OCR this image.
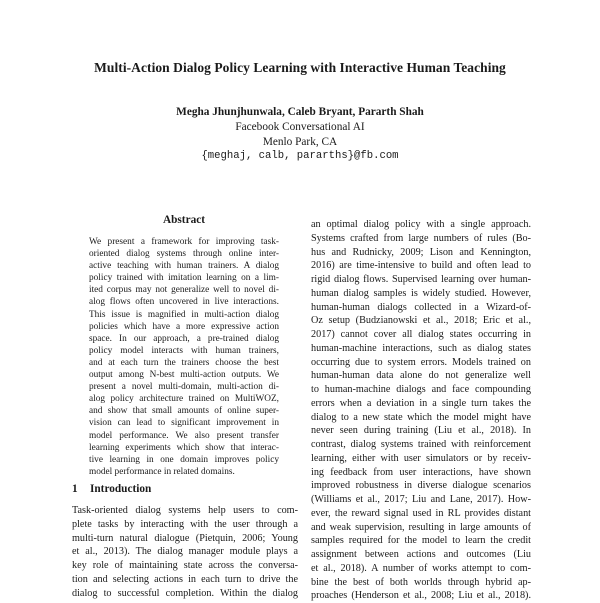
Multi-Action Dialog Policy Learning with Interactive Human Teaching
Megha Jhunjhunwala, Caleb Bryant, Pararth Shah
Facebook Conversational AI
Menlo Park, CA
{meghaj, calb, pararths}@fb.com
Abstract
We present a framework for improving task-
oriented dialog systems through online inter-
active teaching with human trainers. A dialog
policy trained with imitation learning on a lim-
ited corpus may not generalize well to novel di-
alog flows often uncovered in live interactions.
This issue is magnified in multi-action dialog
policies which have a more expressive action
space. In our approach, a pre-trained dialog
policy model interacts with human trainers,
and at each turn the trainers choose the best
output among N-best multi-action outputs. We
present a novel multi-domain, multi-action di-
alog policy architecture trained on MultiWOZ,
and show that small amounts of online super-
vision can lead to significant improvement in
model performance. We also present transfer
learning experiments which show that interac-
tive learning in one domain improves policy
model performance in related domains.
1 Introduction
Task-oriented dialog systems help users to com-
plete tasks by interacting with the user through a
multi-turn natural dialogue (Pietquin, 2006; Young
et al., 2013). The dialog manager module plays a
key role of maintaining state across the conversa-
tion and selecting actions in each turn to drive the
dialog to successful completion. Within the dialog
an optimal dialog policy with a single approach.
Systems crafted from large numbers of rules (Bo-
hus and Rudnicky, 2009; Lison and Kennington,
2016) are time-intensive to build and often lead to
rigid dialog flows. Supervised learning over human-
human dialog samples is widely studied. However,
human-human dialogs collected in a Wizard-of-
Oz setup (Budzianowski et al., 2018; Eric et al.,
2017) cannot cover all dialog states occurring in
human-machine interactions, such as dialog states
occurring due to system errors. Models trained on
human-human data alone do not generalize well
to human-machine dialogs and face compounding
errors when a deviation in a single turn takes the
dialog to a new state which the model might have
never seen during training (Liu et al., 2018). In
contrast, dialog systems trained with reinforcement
learning, either with user simulators or by receiv-
ing feedback from user interactions, have shown
improved robustness in diverse dialogue scenarios
(Williams et al., 2017; Liu and Lane, 2017). How-
ever, the reward signal used in RL provides distant
and weak supervision, resulting in large amounts of
samples required for the model to learn the credit
assignment between actions and outcomes (Liu
et al., 2018). A number of works attempt to com-
bine the best of both worlds through hybrid ap-
proaches (Henderson et al., 2008; Liu et al., 2018).
